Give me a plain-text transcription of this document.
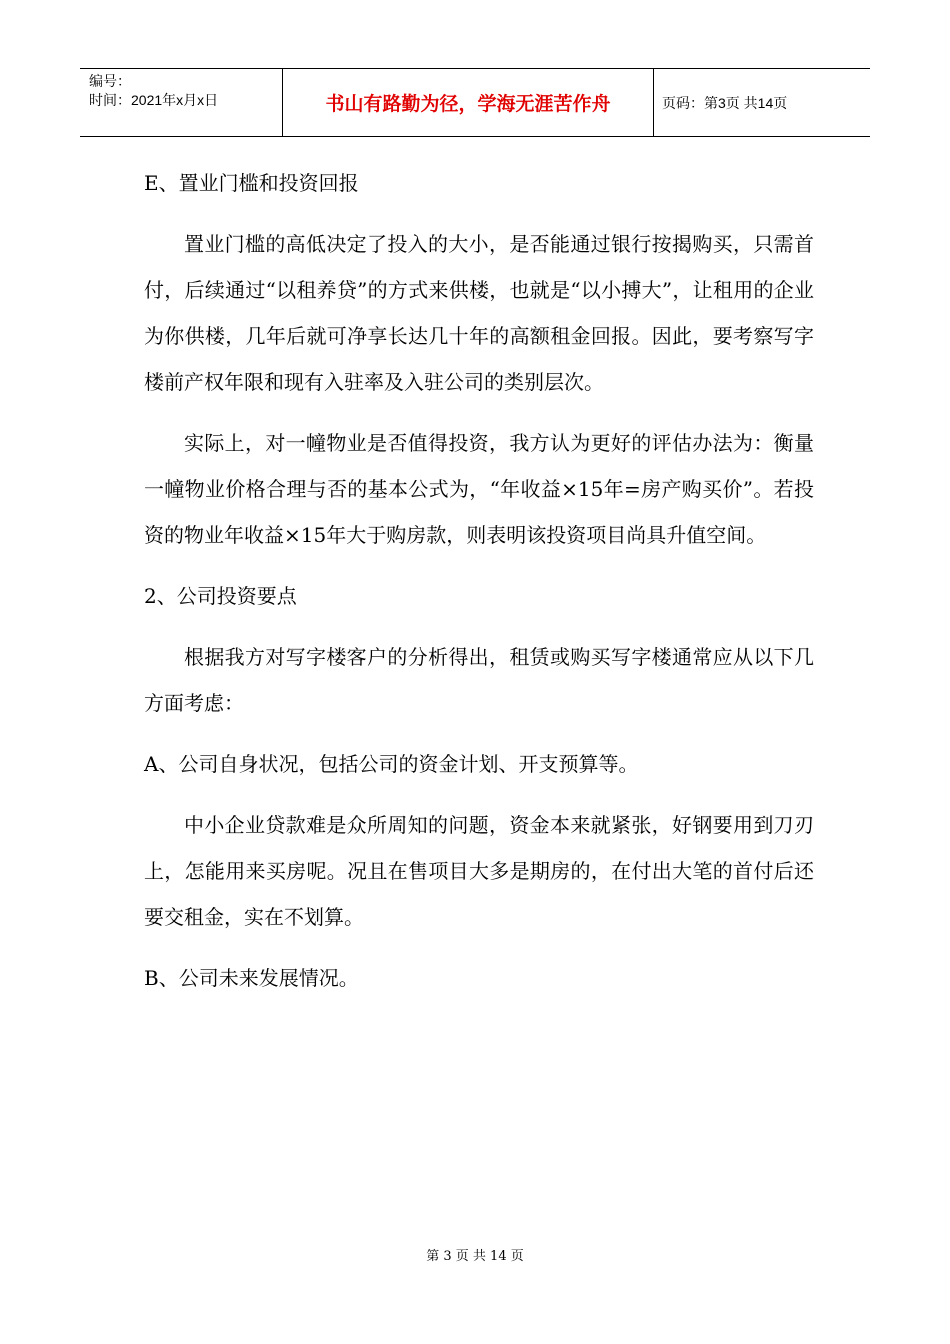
编号：
时间：2021年x月x日	书山有路勤为径，学海无涯苦作舟	页码：第3页 共14页

E、置业门槛和投资回报

置业门槛的高低决定了投入的大小，是否能通过银行按揭购买，只需首付，后续通过“以租养贷”的方式来供楼，也就是“以小搏大”，让租用的企业为你供楼，几年后就可净享长达几十年的高额租金回报。因此，要考察写字楼前产权年限和现有入驻率及入驻公司的类别层次。

实际上，对一幢物业是否值得投资，我方认为更好的评估办法为：衡量一幢物业价格合理与否的基本公式为，“年收益×15年=房产购买价”。若投资的物业年收益×15年大于购房款，则表明该投资项目尚具升值空间。

2、公司投资要点

根据我方对写字楼客户的分析得出，租赁或购买写字楼通常应从以下几方面考虑：

A、公司自身状况，包括公司的资金计划、开支预算等。

中小企业贷款难是众所周知的问题，资金本来就紧张，好钢要用到刀刃上，怎能用来买房呢。况且在售项目大多是期房的，在付出大笔的首付后还要交租金，实在不划算。

B、公司未来发展情况。

第 3 页 共 14 页
